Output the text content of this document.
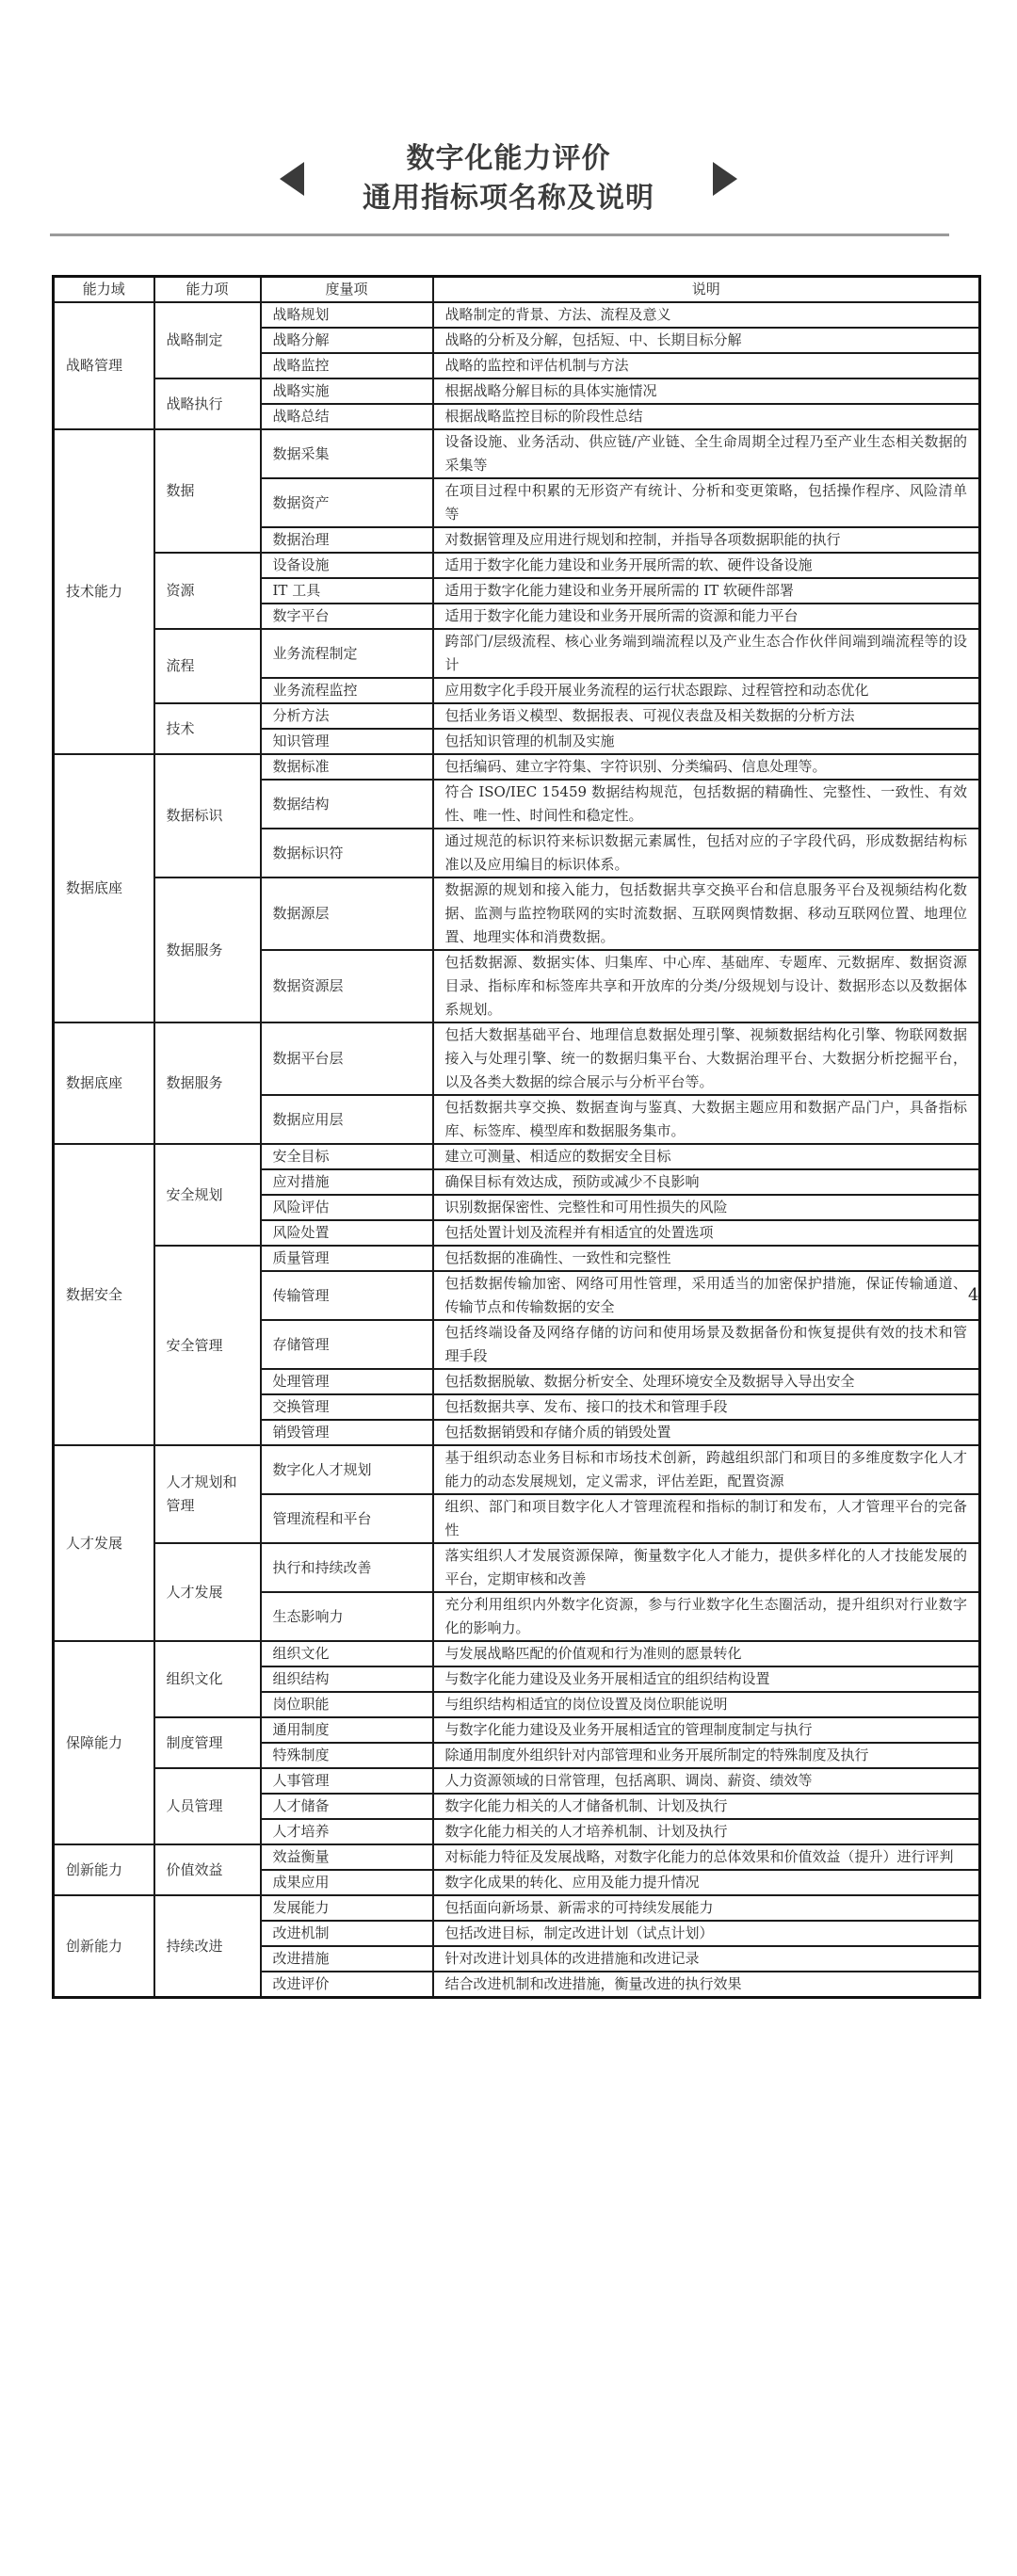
数字化能力评价
通用指标项名称及说明
能力域	能力项	度量项	说明
战略管理	战略制定	战略规划	战略制定的背景、方法、流程及意义
		战略分解	战略的分析及分解，包括短、中、长期目标分解
		战略监控	战略的监控和评估机制与方法
	战略执行	战略实施	根据战略分解目标的具体实施情况
		战略总结	根据战略监控目标的阶段性总结
技术能力	数据	数据采集	设备设施、业务活动、供应链/产业链、全生命周期全过程乃至产业生态相关数据的采集等
		数据资产	在项目过程中积累的无形资产有统计、分析和变更策略，包括操作程序、风险清单等
		数据治理	对数据管理及应用进行规划和控制，并指导各项数据职能的执行
	资源	设备设施	适用于数字化能力建设和业务开展所需的软、硬件设备设施
		IT 工具	适用于数字化能力建设和业务开展所需的 IT 软硬件部署
		数字平台	适用于数字化能力建设和业务开展所需的资源和能力平台
	流程	业务流程制定	跨部门/层级流程、核心业务端到端流程以及产业生态合作伙伴间端到端流程等的设计
		业务流程监控	应用数字化手段开展业务流程的运行状态跟踪、过程管控和动态优化
	技术	分析方法	包括业务语义模型、数据报表、可视仪表盘及相关数据的分析方法
		知识管理	包括知识管理的机制及实施
数据底座	数据标识	数据标准	包括编码、建立字符集、字符识别、分类编码、信息处理等。
		数据结构	符合 ISO/IEC 15459 数据结构规范，包括数据的精确性、完整性、一致性、有效性、唯一性、时间性和稳定性。
		数据标识符	通过规范的标识符来标识数据元素属性，包括对应的子字段代码，形成数据结构标准以及应用编目的标识体系。
	数据服务	数据源层	数据源的规划和接入能力，包括数据共享交换平台和信息服务平台及视频结构化数据、监测与监控物联网的实时流数据、互联网舆情数据、移动互联网位置、地理位置、地理实体和消费数据。
		数据资源层	包括数据源、数据实体、归集库、中心库、基础库、专题库、元数据库、数据资源目录、指标库和标签库共享和开放库的分类/分级规划与设计、数据形态以及数据体系规划。
数据底座	数据服务	数据平台层	包括大数据基础平台、地理信息数据处理引擎、视频数据结构化引擎、物联网数据接入与处理引擎、统一的数据归集平台、大数据治理平台、大数据分析挖掘平台，以及各类大数据的综合展示与分析平台等。
		数据应用层	包括数据共享交换、数据查询与鉴真、大数据主题应用和数据产品门户，具备指标库、标签库、模型库和数据服务集市。
数据安全	安全规划	安全目标	建立可测量、相适应的数据安全目标
		应对措施	确保目标有效达成，预防或减少不良影响
		风险评估	识别数据保密性、完整性和可用性损失的风险
		风险处置	包括处置计划及流程并有相适宜的处置选项
	安全管理	质量管理	包括数据的准确性、一致性和完整性
		传输管理	包括数据传输加密、网络可用性管理，采用适当的加密保护措施，保证传输通道、传输节点和传输数据的安全
		存储管理	包括终端设备及网络存储的访问和使用场景及数据备份和恢复提供有效的技术和管理手段
		处理管理	包括数据脱敏、数据分析安全、处理环境安全及数据导入导出安全
		交换管理	包括数据共享、发布、接口的技术和管理手段
		销毁管理	包括数据销毁和存储介质的销毁处置
人才发展	人才规划和管理	数字化人才规划	基于组织动态业务目标和市场技术创新，跨越组织部门和项目的多维度数字化人才能力的动态发展规划，定义需求，评估差距，配置资源
		管理流程和平台	组织、部门和项目数字化人才管理流程和指标的制订和发布，人才管理平台的完备性
	人才发展	执行和持续改善	落实组织人才发展资源保障，衡量数字化人才能力，提供多样化的人才技能发展的平台，定期审核和改善
		生态影响力	充分利用组织内外数字化资源，参与行业数字化生态圈活动，提升组织对行业数字化的影响力。
保障能力	组织文化	组织文化	与发展战略匹配的价值观和行为准则的愿景转化
		组织结构	与数字化能力建设及业务开展相适宜的组织结构设置
		岗位职能	与组织结构相适宜的岗位设置及岗位职能说明
	制度管理	通用制度	与数字化能力建设及业务开展相适宜的管理制度制定与执行
		特殊制度	除通用制度外组织针对内部管理和业务开展所制定的特殊制度及执行
	人员管理	人事管理	人力资源领域的日常管理，包括离职、调岗、薪资、绩效等
		人才储备	数字化能力相关的人才储备机制、计划及执行
		人才培养	数字化能力相关的人才培养机制、计划及执行
创新能力	价值效益	效益衡量	对标能力特征及发展战略，对数字化能力的总体效果和价值效益（提升）进行评判
		成果应用	数字化成果的转化、应用及能力提升情况
创新能力	持续改进	发展能力	包括面向新场景、新需求的可持续发展能力
		改进机制	包括改进目标，制定改进计划（试点计划）
		改进措施	针对改进计划具体的改进措施和改进记录
		改进评价	结合改进机制和改进措施，衡量改进的执行效果
4
